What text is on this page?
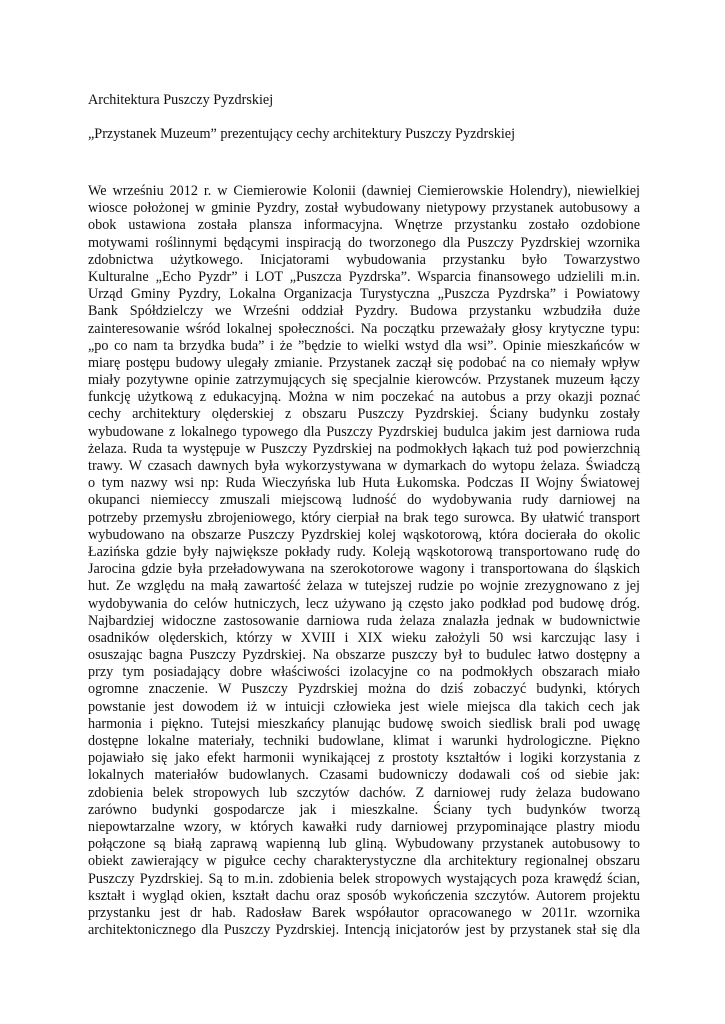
Architektura Puszczy Pyzdrskiej
„Przystanek Muzeum” prezentujący cechy architektury Puszczy Pyzdrskiej
We wrześniu 2012 r. w Ciemierowie Kolonii (dawniej Ciemierowskie Holendry), niewielkiej
wiosce położonej w gminie Pyzdry, został wybudowany nietypowy przystanek autobusowy a
obok ustawiona została plansza informacyjna. Wnętrze przystanku zostało ozdobione
motywami roślinnymi będącymi inspiracją do tworzonego dla Puszczy Pyzdrskiej wzornika
zdobnictwa użytkowego. Inicjatorami wybudowania przystanku było Towarzystwo
Kulturalne „Echo Pyzdr” i LOT „Puszcza Pyzdrska”. Wsparcia finansowego udzielili m.in.
Urząd Gminy Pyzdry, Lokalna Organizacja Turystyczna „Puszcza Pyzdrska” i Powiatowy
Bank Spółdzielczy we Wrześni oddział Pyzdry. Budowa przystanku wzbudziła duże
zainteresowanie wśród lokalnej społeczności. Na początku przeważały głosy krytyczne typu:
„po co nam ta brzydka buda” i że ”będzie to wielki wstyd dla wsi”. Opinie mieszkańców w
miarę postępu budowy ulegały zmianie. Przystanek zaczął się podobać na co niemały wpływ
miały pozytywne opinie zatrzymujących się specjalnie kierowców. Przystanek muzeum łączy
funkcję użytkową z edukacyjną. Można w nim poczekać na autobus a przy okazji poznać
cechy architektury olęderskiej z obszaru Puszczy Pyzdrskiej. Ściany budynku zostały
wybudowane z lokalnego typowego dla Puszczy Pyzdrskiej budulca jakim jest darniowa ruda
żelaza. Ruda ta występuje w Puszczy Pyzdrskiej na podmokłych łąkach tuż pod powierzchnią
trawy. W czasach dawnych była wykorzystywana w dymarkach do wytopu żelaza. Świadczą
o tym nazwy wsi np: Ruda Wieczyńska lub Huta Łukomska. Podczas II Wojny Światowej
okupanci niemieccy zmuszali miejscową ludność do wydobywania rudy darniowej na
potrzeby przemysłu zbrojeniowego, który cierpiał na brak tego surowca. By ułatwić transport
wybudowano na obszarze Puszczy Pyzdrskiej kolej wąskotorową, która docierała do okolic
Łazińska gdzie były największe pokłady rudy. Koleją wąskotorową transportowano rudę do
Jarocina gdzie była przeładowywana na szerokotorowe wagony i transportowana do śląskich
hut. Ze względu na małą zawartość żelaza w tutejszej rudzie po wojnie zrezygnowano z jej
wydobywania do celów hutniczych, lecz używano ją często jako podkład pod budowę dróg.
Najbardziej widoczne zastosowanie darniowa ruda żelaza znalazła jednak w budownictwie
osadników olęderskich, którzy w XVIII i XIX wieku założyli 50 wsi karczując lasy i
osuszając bagna Puszczy Pyzdrskiej. Na obszarze puszczy był to budulec łatwo dostępny a
przy tym posiadający dobre właściwości izolacyjne co na podmokłych obszarach miało
ogromne znaczenie. W Puszczy Pyzdrskiej można do dziś zobaczyć budynki, których
powstanie jest dowodem iż w intuicji człowieka jest wiele miejsca dla takich cech jak
harmonia i piękno. Tutejsi mieszkańcy planując budowę swoich siedlisk brali pod uwagę
dostępne lokalne materiały, techniki budowlane, klimat i warunki hydrologiczne. Piękno
pojawiało się jako efekt harmonii wynikającej z prostoty kształtów i logiki korzystania z
lokalnych materiałów budowlanych. Czasami budowniczy dodawali coś od siebie jak:
zdobienia belek stropowych lub szczytów dachów. Z darniowej rudy żelaza budowano
zarówno budynki gospodarcze jak i mieszkalne. Ściany tych budynków tworzą
niepowtarzalne wzory, w których kawałki rudy darniowej przypominające plastry miodu
połączone są białą zaprawą wapienną lub gliną. Wybudowany przystanek autobusowy to
obiekt zawierający w pigułce cechy charakterystyczne dla architektury regionalnej obszaru
Puszczy Pyzdrskiej. Są to m.in. zdobienia belek stropowych wystających poza krawędź ścian,
kształt i wygląd okien, kształt dachu oraz sposób wykończenia szczytów. Autorem projektu
przystanku jest dr hab. Radosław Barek współautor opracowanego w 2011r. wzornika
architektonicznego dla Puszczy Pyzdrskiej. Intencją inicjatorów jest by przystanek stał się dla
